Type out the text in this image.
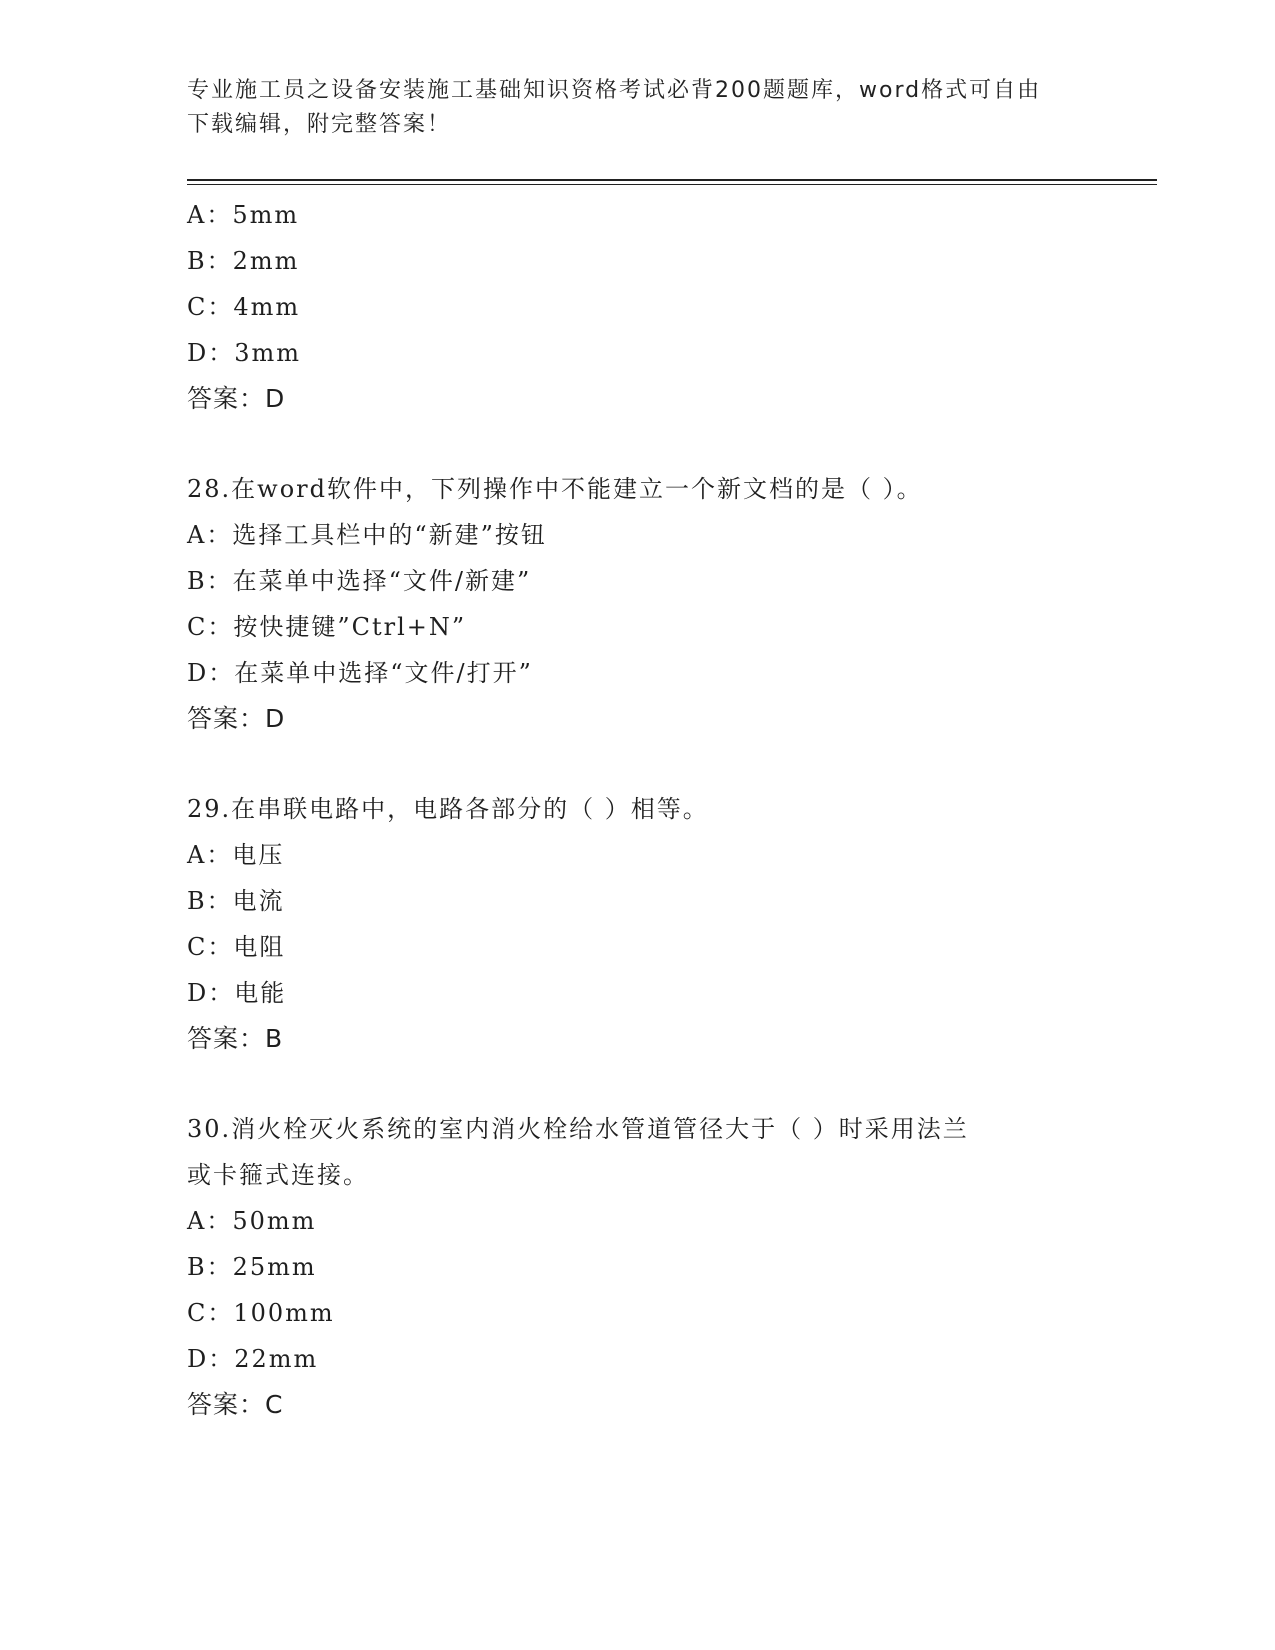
专业施工员之设备安装施工基础知识资格考试必背200题题库，word格式可自由
下载编辑，附完整答案！
A：5mm
B：2mm
C：4mm
D：3mm
答案：D
28.在word软件中，下列操作中不能建立一个新文档的是（ ）。
A：选择工具栏中的“新建”按钮
B：在菜单中选择“文件/新建”
C：按快捷键”Ctrl+N”
D：在菜单中选择“文件/打开”
答案：D
29.在串联电路中，电路各部分的（ ）相等。
A：电压
B：电流
C：电阻
D：电能
答案：B
30.消火栓灭火系统的室内消火栓给水管道管径大于（ ）时采用法兰
或卡箍式连接。
A：50mm
B：25mm
C：100mm
D：22mm
答案：C
